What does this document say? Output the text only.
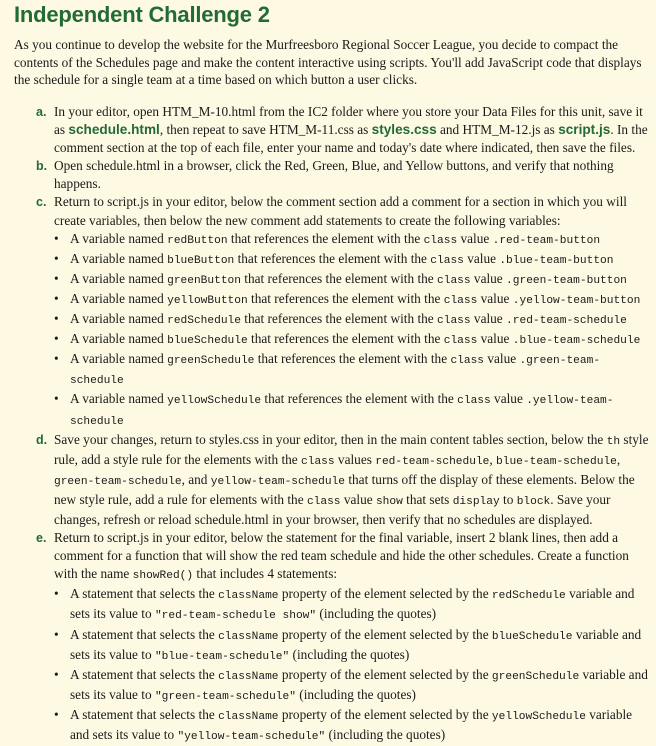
Independent Challenge 2

As you continue to develop the website for the Murfreesboro Regional Soccer League, you decide to compact the contents of the Schedules page and make the content interactive using scripts. You'll add JavaScript code that displays the schedule for a single team at a time based on which button a user clicks.

a. In your editor, open HTM_M-10.html from the IC2 folder where you store your Data Files for this unit, save it as schedule.html, then repeat to save HTM_M-11.css as styles.css and HTM_M-12.js as script.js. In the comment section at the top of each file, enter your name and today's date where indicated, then save the files.
b. Open schedule.html in a browser, click the Red, Green, Blue, and Yellow buttons, and verify that nothing happens.
c. Return to script.js in your editor, below the comment section add a comment for a section in which you will create variables, then below the new comment add statements to create the following variables:
• A variable named redButton that references the element with the class value .red-team-button
• A variable named blueButton that references the element with the class value .blue-team-button
• A variable named greenButton that references the element with the class value .green-team-button
• A variable named yellowButton that references the element with the class value .yellow-team-button
• A variable named redSchedule that references the element with the class value .red-team-schedule
• A variable named blueSchedule that references the element with the class value .blue-team-schedule
• A variable named greenSchedule that references the element with the class value .green-team-schedule
• A variable named yellowSchedule that references the element with the class value .yellow-team-schedule
d. Save your changes, return to styles.css in your editor, then in the main content tables section, below the th style rule, add a style rule for the elements with the class values red-team-schedule, blue-team-schedule, green-team-schedule, and yellow-team-schedule that turns off the display of these elements. Below the new style rule, add a rule for elements with the class value show that sets display to block. Save your changes, refresh or reload schedule.html in your browser, then verify that no schedules are displayed.
e. Return to script.js in your editor, below the statement for the final variable, insert 2 blank lines, then add a comment for a function that will show the red team schedule and hide the other schedules. Create a function with the name showRed() that includes 4 statements:
• A statement that selects the className property of the element selected by the redSchedule variable and sets its value to "red-team-schedule show" (including the quotes)
• A statement that selects the className property of the element selected by the blueSchedule variable and sets its value to "blue-team-schedule" (including the quotes)
• A statement that selects the className property of the element selected by the greenSchedule variable and sets its value to "green-team-schedule" (including the quotes)
• A statement that selects the className property of the element selected by the yellowSchedule variable and sets its value to "yellow-team-schedule" (including the quotes)
